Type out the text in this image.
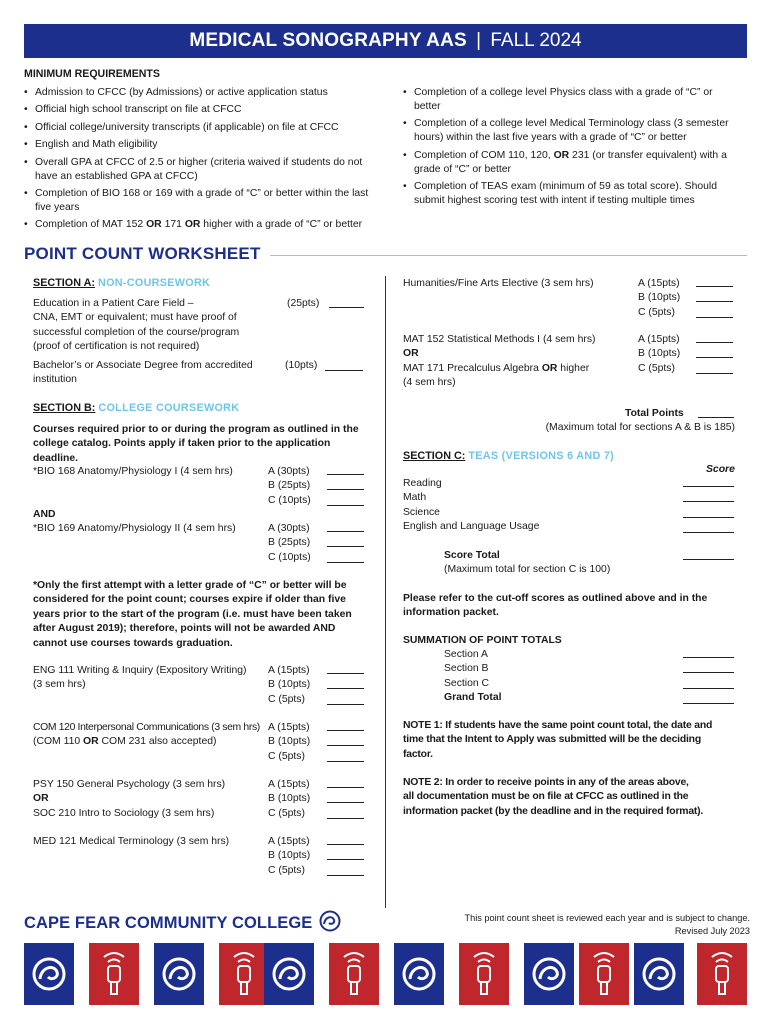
MEDICAL SONOGRAPHY AAS | FALL 2024
MINIMUM REQUIREMENTS
• Admission to CFCC (by Admissions) or active application status
• Official high school transcript on file at CFCC
• Official college/university transcripts (if applicable) on file at CFCC
• English and Math eligibility
• Overall GPA at CFCC of 2.5 or higher (criteria waived if students do not have an established GPA at CFCC)
• Completion of BIO 168 or 169 with a grade of “C” or better within the last five years
• Completion of MAT 152 OR 171 OR higher with a grade of “C” or better
• Completion of a college level Physics class with a grade of “C” or better
• Completion of a college level Medical Terminology class (3 semester hours) within the last five years with a grade of “C” or better
• Completion of COM 110, 120, OR 231 (or transfer equivalent) with a grade of “C” or better
• Completion of TEAS exam (minimum of 59 as total score). Should submit highest scoring test with intent if testing multiple times
POINT COUNT WORKSHEET
SECTION A: NON-COURSEWORK
Education in a Patient Care Field –
CNA, EMT or equivalent; must have proof of
successful completion of the course/program
(proof of certification is not required)
(25pts)
Bachelor’s or Associate Degree from accredited
institution
(10pts)
SECTION B: COLLEGE COURSEWORK
Courses required prior to or during the program as outlined in the
college catalog. Points apply if taken prior to the application deadline.
*BIO 168 Anatomy/Physiology I (4 sem hrs)	A (30pts)
B (25pts)
C (10pts)
AND
*BIO 169 Anatomy/Physiology II (4 sem hrs)	A (30pts)
B (25pts)
C (10pts)
*Only the first attempt with a letter grade of “C” or better will be
considered for the point count; courses expire if older than five
years prior to the start of the program (i.e. must have been taken
after August 2019); therefore, points will not be awarded AND
cannot use courses towards graduation.
ENG 111 Writing & Inquiry (Expository Writing)
(3 sem hrs)
A (15pts)
B (10pts)
C (5pts)
COM 120 Interpersonal Communications (3 sem hrs)
(COM 110 OR COM 231 also accepted)
A (15pts)
B (10pts)
C (5pts)
PSY 150 General Psychology (3 sem hrs)
OR
SOC 210 Intro to Sociology (3 sem hrs)
A (15pts)
B (10pts)
C (5pts)
MED 121 Medical Terminology (3 sem hrs)	A (15pts)
B (10pts)
C (5pts)
Humanities/Fine Arts Elective (3 sem hrs)	A (15pts)
B (10pts)
C (5pts)
MAT 152 Statistical Methods I (4 sem hrs)
OR
MAT 171 Precalculus Algebra OR higher
(4 sem hrs)
A (15pts)
B (10pts)
C (5pts)
Total Points
(Maximum total for sections A & B is 185)
SECTION C: TEAS (VERSIONS 6 AND 7)
Score
Reading
Math
Science
English and Language Usage
Score Total
(Maximum total for section C is 100)
Please refer to the cut-off scores as outlined above and in the
information packet.
SUMMATION OF POINT TOTALS
Section A
Section B
Section C
Grand Total
NOTE 1: If students have the same point count total, the date and
time that the Intent to Apply was submitted will be the deciding
factor.
NOTE 2: In order to receive points in any of the areas above,
all documentation must be on file at CFCC as outlined in the
information packet (by the deadline and in the required format).
CAPE FEAR COMMUNITY COLLEGE	This point count sheet is reviewed each year and is subject to change.
Revised July 2023
